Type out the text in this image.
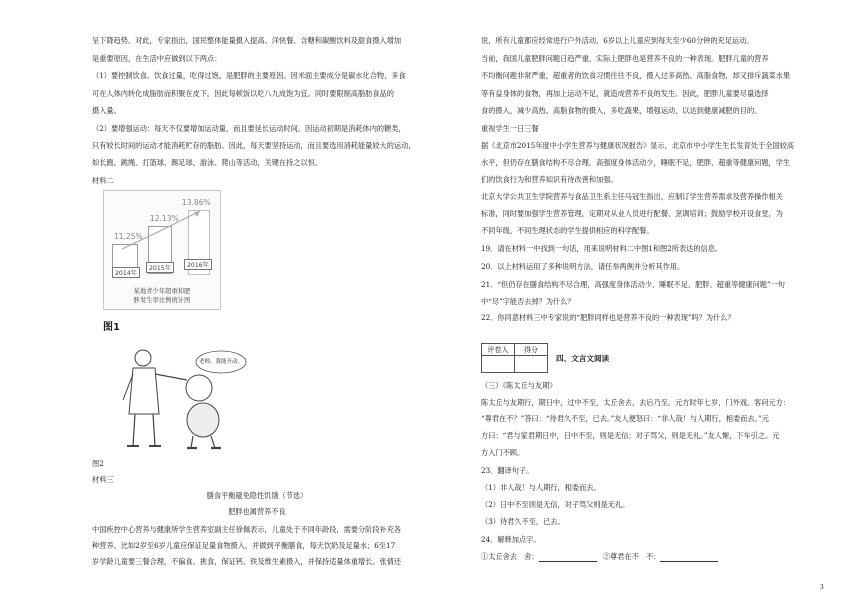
呈下降趋势。对此，专家指出，国民整体能量摄入提高、洋快餐、含糖和碳酸饮料及甜食摄入增加
是重要原因，在生活中应做到以下两点：
（1）要控制饮食。饮食过量，吃得过饱，是肥胖的主要原因。因米面主要成分是碳水化合物，多食
可在人体内转化成脂肪而积聚在皮下。因此每顿饭以吃八九成饱为宜。同时要限制高脂肪食品的
摄入量。
（2）要增强运动：每天不仅要增加运动量，而且要延长运动时间。因运动初期是消耗体内的糖类，
只有较长时间的运动才能消耗贮存的脂肪。因此，每天要坚持运动，而且要选用消耗能量较大的运动，
如长跑、跳绳、打篮球、踢足球、游泳、爬山等活动，关键在持之以恒。
材料二
11.25%
12.13%
13.86%
2014年
2015年	2016年
某地青少年超重和肥
胖发生率比例统计图
图1
老师，我能开动。
图2
材料三
膳食平衡避免隐性饥饿（节选）
肥胖也属营养不良
中国疾控中心营养与健康所学生营养室副主任徐佩表示，儿童处于不同年龄段，需要分阶段补充各
种营养。比如2岁至6岁儿童应保证足量食物摄入，并做到平衡膳食，每天饮奶及足量水；6至17
岁学龄儿童要三餐合理，不偏食、挑食，保证钙、铁及维生素摄入，并保持适量体重增长。张倩还
说，所有儿童都应经常进行户外活动，6岁以上儿童应到每天至少60分钟的充足运动。
当前，我国儿童肥胖问题日趋严重，实际上肥胖也是营养不良的一种表现。肥胖儿童的营养
不均衡问题非常严重，超重者的饮食习惯往往不良，摄入过多高热、高脂食物，却又排斥蔬菜水果
等有益身体的食物，再加上运动不足，就造成营养不良的发生。因此，肥胖儿童要尽量选择
食的摄入，减少高热、高脂食物的摄入，多吃蔬果，增强运动，以达到健康减肥的目的。
重视学生一日三餐
据《北京市2015年度中小学生营养与健康状况报告》显示，北京市中小学生生长发育处于全国较高
水平，但仍存在膳食结构不尽合理，高强度身体活动少，睡眠不足，肥胖，超重等健康问题，学生
们的饮食行为和营养知识有待改善和加强。
北京大学公共卫生学院营养与食品卫生系主任马冠生指出，应制订学生营养需求及营养操作相关
标准，同时要加强学生营养管理，定期对从业人员进行配餐、烹调培训；鼓励学校开设食堂，为
不同年级，不同生理状态的学生提供相应的科学配餐。
19．请在材料一中找到一句话，用来说明材料二中图1和图2所表达的信息。
20．以上材料运用了多种说明方法，请任举两例并分析其作用。
21．“但仍存在膳食结构不尽合理，高强度身体活动少、睡眠不足、肥胖、超重等健康问题”一句
中“尽”字能否去掉？为什么？
22．你同意材料三中专家说的“肥胖同样也是营养不良的一种表现”吗？为什么？
评卷人	得分

四、文言文阅读
（三）《陈太丘与友期》
陈太丘与友期行，期日中，过中不至，太丘舍去，去后乃至。元方时年七岁，门外戏。客问元方：
“尊君在不？”答曰：“待君久不至，已去。”友人便怒曰：“非人哉！与人期行，相委而去。”元
方曰：“君与家君期日中，日中不至，则是无信；对子骂父，则是无礼。”友人惭，下车引之。元
方入门不顾。
23．翻译句子。
（1）非人哉！与人期行，相委而去。
（2）日中不至则是无信，对子骂父则是无礼。
（3）待君久不至，已去。
24．解释加点字。
①太丘舍去　舍：	②尊君在不　不：
3
